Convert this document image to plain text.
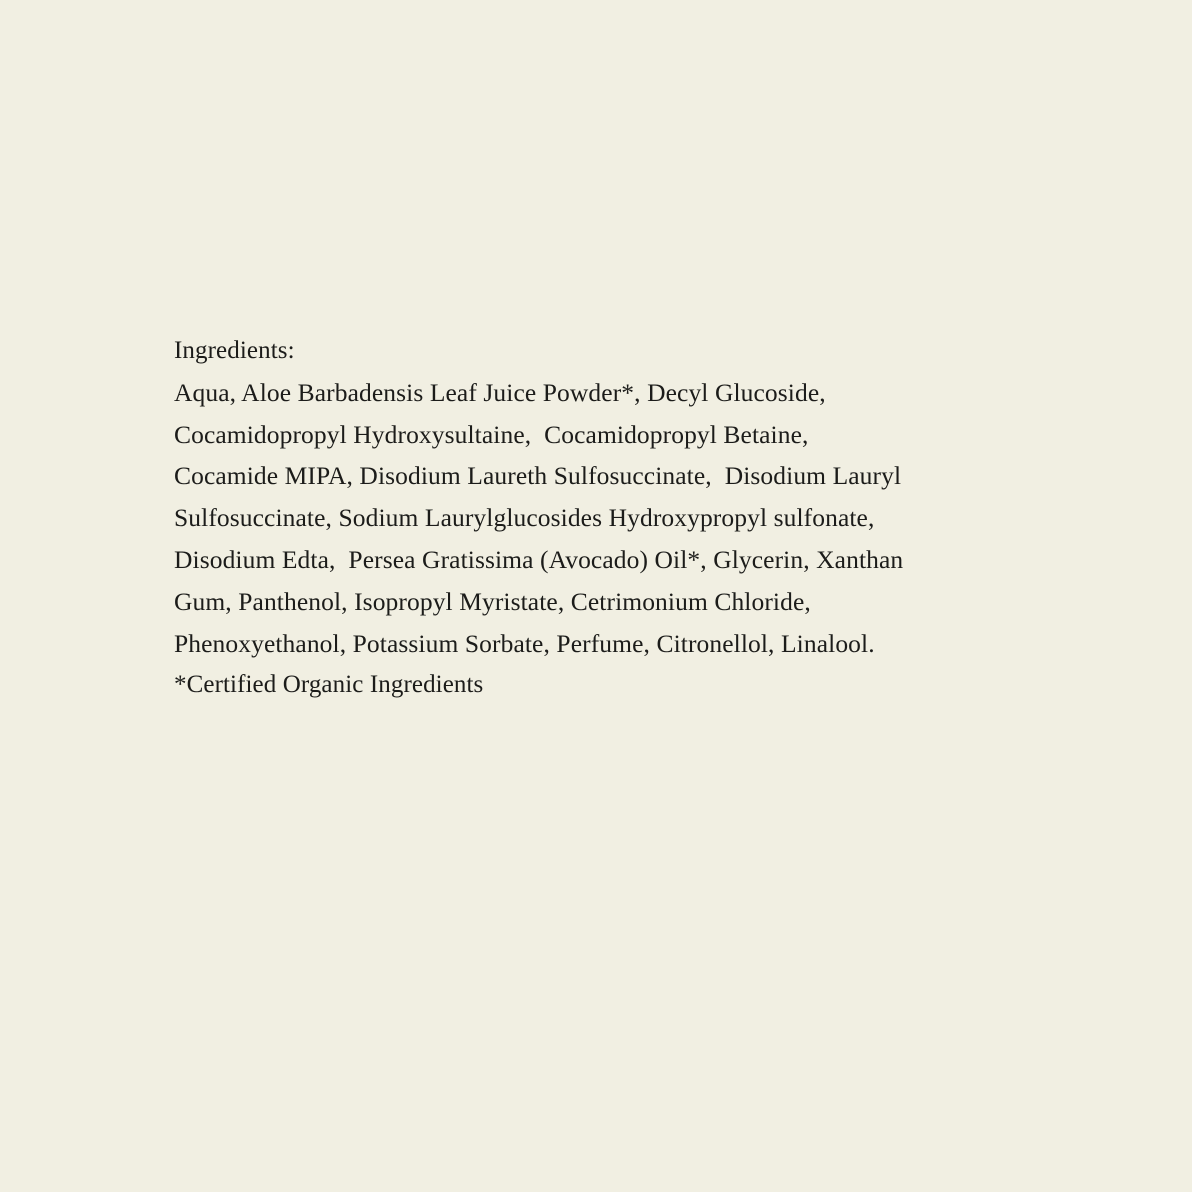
Ingredients:
Aqua, Aloe Barbadensis Leaf Juice Powder*, Decyl Glucoside,
Cocamidopropyl Hydroxysultaine,  Cocamidopropyl Betaine,
Cocamide MIPA, Disodium Laureth Sulfosuccinate,  Disodium Lauryl
Sulfosuccinate, Sodium Laurylglucosides Hydroxypropyl sulfonate,
Disodium Edta,  Persea Gratissima (Avocado) Oil*, Glycerin, Xanthan
Gum, Panthenol, Isopropyl Myristate, Cetrimonium Chloride,
Phenoxyethanol, Potassium Sorbate, Perfume, Citronellol, Linalool.
*Certified Organic Ingredients
